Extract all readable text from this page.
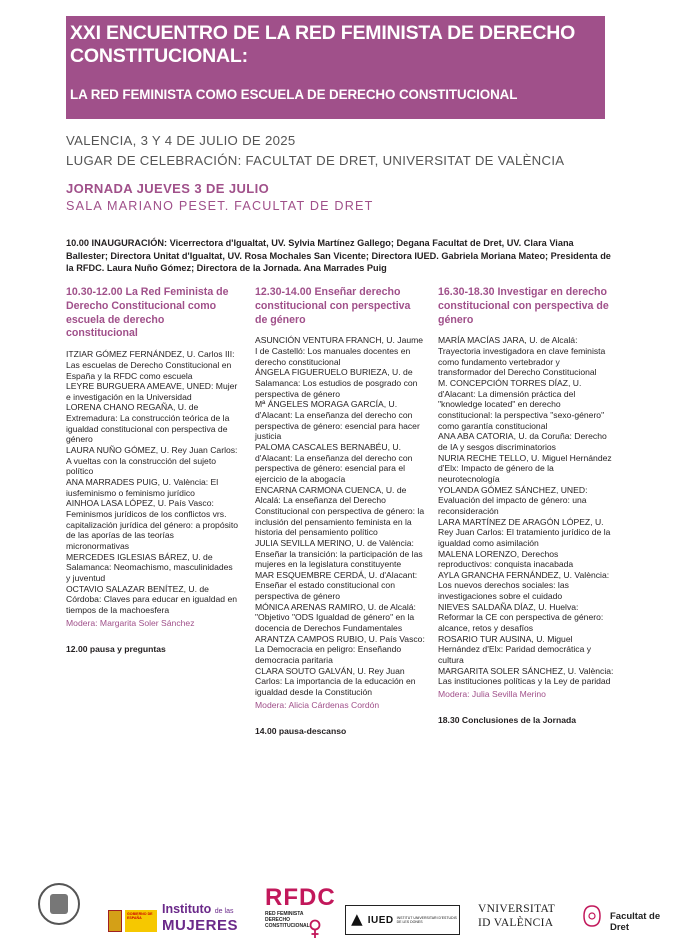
XXI ENCUENTRO DE LA RED FEMINISTA DE DERECHO CONSTITUCIONAL:
LA RED FEMINISTA COMO ESCUELA DE DERECHO CONSTITUCIONAL
VALENCIA, 3 Y 4 DE JULIO DE 2025
LUGAR DE CELEBRACIÓN: FACULTAT DE DRET, UNIVERSITAT DE VALÈNCIA
JORNADA JUEVES 3 DE JULIO
SALA MARIANO PESET. FACULTAT DE DRET
10.00 INAUGURACIÓN: Vicerrectora d'Igualtat, UV. Sylvia Martínez Gallego; Degana Facultat de Dret, UV. Clara Viana Ballester; Directora Unitat d'Igualtat, UV. Rosa Mochales San Vicente; Directora IUED. Gabriela Moriana Mateo; Presidenta de la RFDC. Laura Nuño Gómez; Directora de la Jornada. Ana Marrades Puig
10.30-12.00 La Red Feminista de Derecho Constitucional como escuela de derecho constitucional
ITZIAR GÓMEZ FERNÁNDEZ, U. Carlos III: Las escuelas de Derecho Constitucional en España y la RFDC como escuela
LEYRE BURGUERA AMEAVE, UNED: Mujer e investigación en la Universidad
LORENA CHANO REGAÑA, U. de Extremadura: La construcción teórica de la igualdad constitucional con perspectiva de género
LAURA NUÑO GÓMEZ, U. Rey Juan Carlos: A vueltas con la construcción del sujeto político
ANA MARRADES PUIG, U. València: El iusfeminismo o feminismo jurídico
AINHOA LASA LÓPEZ, U. País Vasco: Feminismos jurídicos de los conflictos vrs. capitalización jurídica del género: a propósito de las aporías de las teorías micronormativas
MERCEDES IGLESIAS BÁREZ, U. de Salamanca: Neomachismo, masculinidades y juventud
OCTAVIO SALAZAR BENÍTEZ, U. de Córdoba: Claves para educar en igualdad en tiempos de la machoesfera
Modera: Margarita Soler Sánchez
12.00 pausa y preguntas
12.30-14.00 Enseñar derecho constitucional con perspectiva de género
ASUNCIÓN VENTURA FRANCH, U. Jaume I de Castelló: Los manuales docentes en derecho constitucional
ÁNGELA FIGUERUELO BURIEZA, U. de Salamanca: Los estudios de posgrado con perspectiva de género
Mª ÁNGELES MORAGA GARCÍA, U. d'Alacant: La enseñanza del derecho con perspectiva de género: esencial para hacer justicia
PALOMA CASCALES BERNABÉU, U. d'Alacant: La enseñanza del derecho con perspectiva de género: esencial para el ejercicio de la abogacía
ENCARNA CARMONA CUENCA, U. de Alcalá: La enseñanza del Derecho Constitucional con perspectiva de género: la inclusión del pensamiento feminista en la historia del pensamiento político
JULIA SEVILLA MERINO, U. de València: Enseñar la transición: la participación de las mujeres en la legislatura constituyente
MAR ESQUEMBRE CERDÁ, U. d'Alacant: Enseñar el estado constitucional con perspectiva de género
MÓNICA ARENAS RAMIRO, U. de Alcalá: "Objetivo "ODS Igualdad de género" en la docencia de Derechos Fundamentales
ARANTZA CAMPOS RUBIO, U. País Vasco: La Democracia en peligro: Enseñando democracia paritaria
CLARA SOUTO GALVÁN, U. Rey Juan Carlos: La importancia de la educación en igualdad desde la Constitución
Modera: Alicia Cárdenas Cordón
14.00 pausa-descanso
16.30-18.30 Investigar en derecho constitucional con perspectiva de género
MARÍA MACÍAS JARA, U. de Alcalá: Trayectoria investigadora en clave feminista como fundamento vertebrador y transformador del Derecho Constitucional
M. CONCEPCIÓN TORRES DÍAZ, U. d'Alacant: La dimensión práctica del "knowledge located" en derecho constitucional: la perspectiva "sexo-género" como garantía constitucional
ANA ABA CATORIA, U. da Coruña: Derecho de IA y sesgos discriminatorios
NURIA RECHE TELLO, U. Miguel Hernández d'Elx: Impacto de género de la neurotecnología
YOLANDA GÓMEZ SÁNCHEZ, UNED: Evaluación del impacto de género: una reconsideración
LARA MARTÍNEZ DE ARAGÓN LÓPEZ, U. Rey Juan Carlos: El tratamiento jurídico de la igualdad como asimilación
MALENA LORENZO, Derechos reproductivos: conquista inacabada
AYLA GRANCHA FERNÁNDEZ, U. València: Los nuevos derechos sociales: las investigaciones sobre el cuidado
NIEVES SALDAÑA DÍAZ, U. Huelva: Reformar la CE con perspectiva de género: alcance, retos y desafíos
ROSARIO TUR AUSINA, U. Miguel Hernández d'Elx: Paridad democrática y cultura
MARGARITA SOLER SÁNCHEZ, U. València: Las instituciones políticas y la Ley de paridad
Modera: Julia Sevilla Merino
18.30 Conclusiones de la Jornada
GOBIERNO DE ESPAÑA
Instituto de las
MUJERES
RFDC
RED FEMINISTA
DERECHO
CONSTITUCIONAL
IUED INSTITUT UNIVERSITARI D'ESTUDIS DE LES DONES
VNIVERSITAT
ID VALÈNCIA
Facultat de Dret
